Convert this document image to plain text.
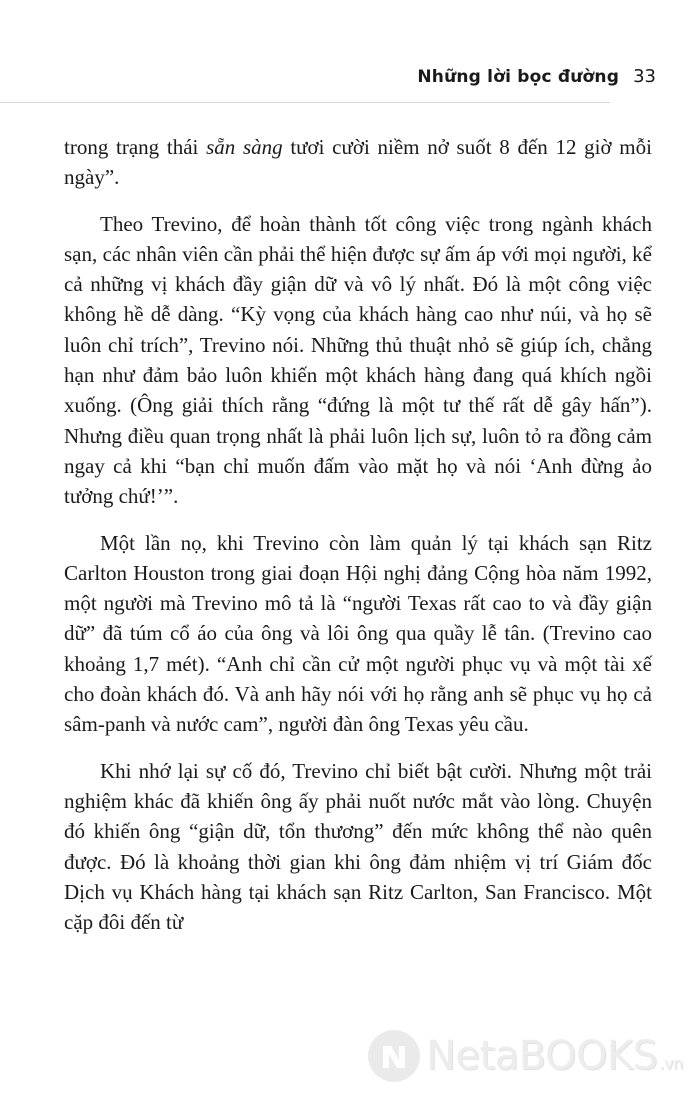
Những lời bọc đường 33

trong trạng thái sẵn sàng tươi cười niềm nở suốt 8 đến 12 giờ mỗi ngày”.

Theo Trevino, để hoàn thành tốt công việc trong ngành khách sạn, các nhân viên cần phải thể hiện được sự ấm áp với mọi người, kể cả những vị khách đầy giận dữ và vô lý nhất. Đó là một công việc không hề dễ dàng. “Kỳ vọng của khách hàng cao như núi, và họ sẽ luôn chỉ trích”, Trevino nói. Những thủ thuật nhỏ sẽ giúp ích, chẳng hạn như đảm bảo luôn khiến một khách hàng đang quá khích ngồi xuống. (Ông giải thích rằng “đứng là một tư thế rất dễ gây hấn”). Nhưng điều quan trọng nhất là phải luôn lịch sự, luôn tỏ ra đồng cảm ngay cả khi “bạn chỉ muốn đấm vào mặt họ và nói ‘Anh đừng ảo tưởng chứ!’”.

Một lần nọ, khi Trevino còn làm quản lý tại khách sạn Ritz Carlton Houston trong giai đoạn Hội nghị đảng Cộng hòa năm 1992, một người mà Trevino mô tả là “người Texas rất cao to và đầy giận dữ” đã túm cổ áo của ông và lôi ông qua quầy lễ tân. (Trevino cao khoảng 1,7 mét). “Anh chỉ cần cử một người phục vụ và một tài xế cho đoàn khách đó. Và anh hãy nói với họ rằng anh sẽ phục vụ họ cả sâm-panh và nước cam”, người đàn ông Texas yêu cầu.

Khi nhớ lại sự cố đó, Trevino chỉ biết bật cười. Nhưng một trải nghiệm khác đã khiến ông ấy phải nuốt nước mắt vào lòng. Chuyện đó khiến ông “giận dữ, tổn thương” đến mức không thể nào quên được. Đó là khoảng thời gian khi ông đảm nhiệm vị trí Giám đốc Dịch vụ Khách hàng tại khách sạn Ritz Carlton, San Francisco. Một cặp đôi đến từ

NetaBOOKS .vn
